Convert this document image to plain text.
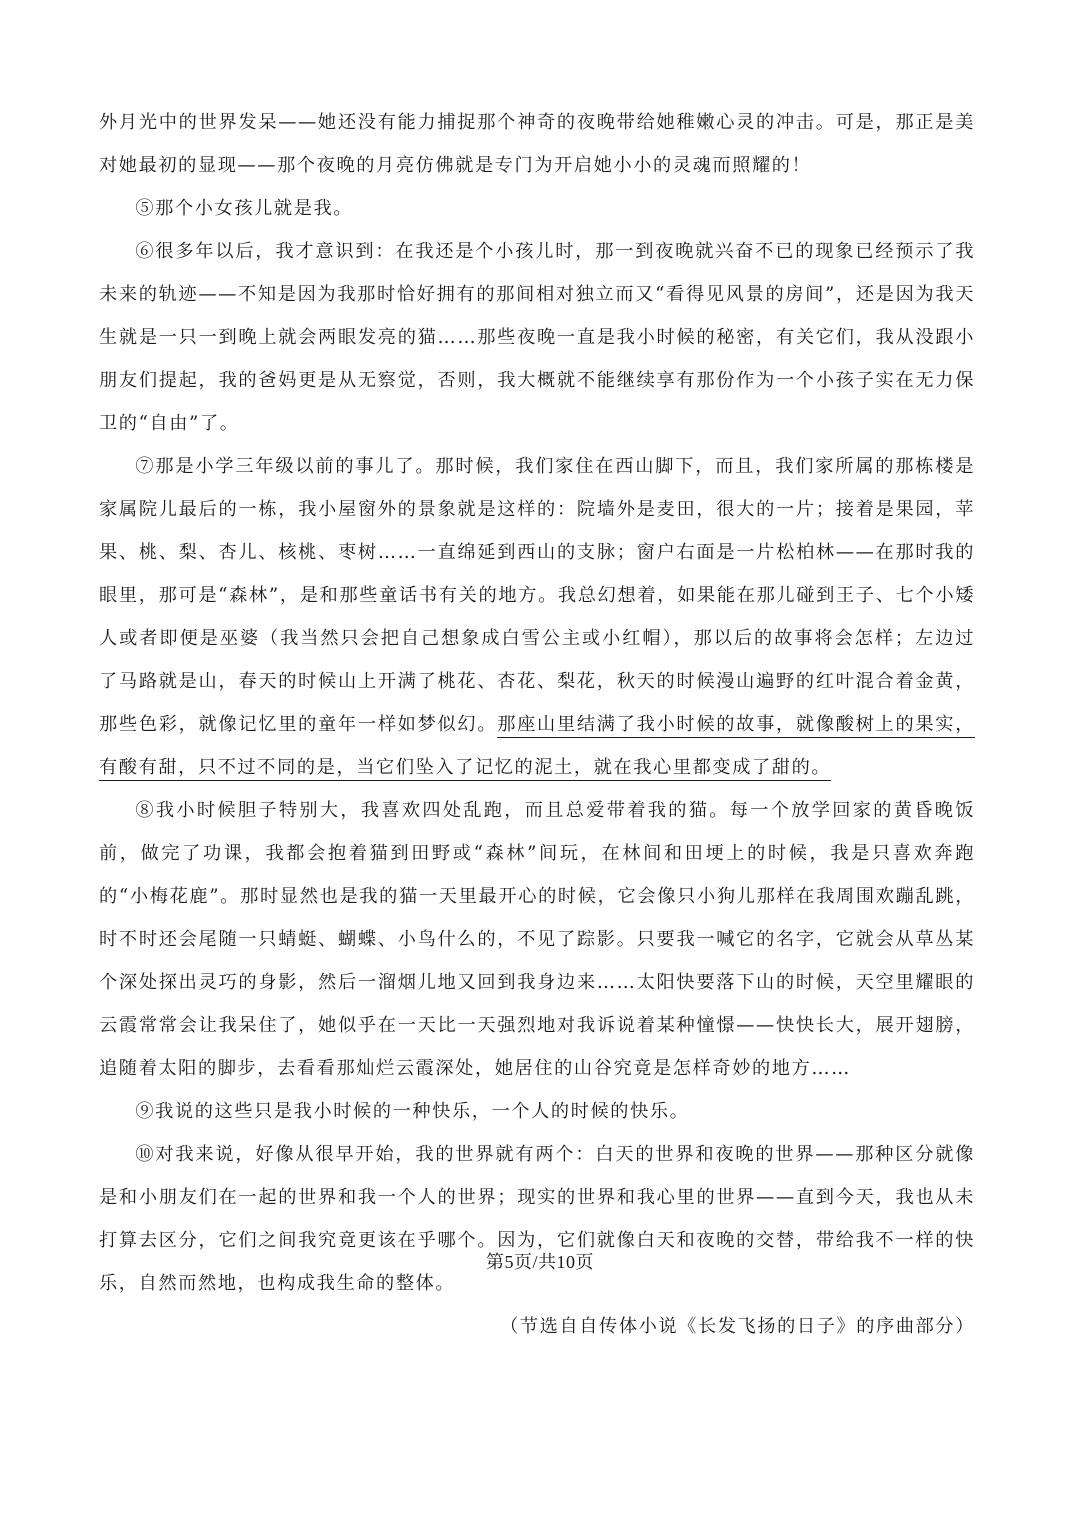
外月光中的世界发呆——她还没有能力捕捉那个神奇的夜晚带给她稚嫩心灵的冲击。可是，那正是美对她最初的显现——那个夜晚的月亮仿佛就是专门为开启她小小的灵魂而照耀的！

⑤那个小女孩儿就是我。

⑥很多年以后，我才意识到：在我还是个小孩儿时，那一到夜晚就兴奋不已的现象已经预示了我未来的轨迹——不知是因为我那时恰好拥有的那间相对独立而又“看得见风景的房间”，还是因为我天生就是一只一到晚上就会两眼发亮的猫……那些夜晚一直是我小时候的秘密，有关它们，我从没跟小朋友们提起，我的爸妈更是从无察觉，否则，我大概就不能继续享有那份作为一个小孩子实在无力保卫的“自由”了。

⑦那是小学三年级以前的事儿了。那时候，我们家住在西山脚下，而且，我们家所属的那栋楼是家属院儿最后的一栋，我小屋窗外的景象就是这样的：院墙外是麦田，很大的一片；接着是果园，苹果、桃、梨、杏儿、核桃、枣树……一直绵延到西山的支脉；窗户右面是一片松柏林——在那时我的眼里，那可是“森林”，是和那些童话书有关的地方。我总幻想着，如果能在那儿碰到王子、七个小矮人或者即便是巫婆（我当然只会把自己想象成白雪公主或小红帽），那以后的故事将会怎样；左边过了马路就是山，春天的时候山上开满了桃花、杏花、梨花，秋天的时候漫山遍野的红叶混合着金黄，那些色彩，就像记忆里的童年一样如梦似幻。那座山里结满了我小时候的故事，就像酸树上的果实，有酸有甜，只不过不同的是，当它们坠入了记忆的泥土，就在我心里都变成了甜的。

⑧我小时候胆子特别大，我喜欢四处乱跑，而且总爱带着我的猫。每一个放学回家的黄昏晚饭前，做完了功课，我都会抱着猫到田野或“森林”间玩，在林间和田埂上的时候，我是只喜欢奔跑的“小梅花鹿”。那时显然也是我的猫一天里最开心的时候，它会像只小狗儿那样在我周围欢蹦乱跳，时不时还会尾随一只蜻蜓、蝴蝶、小鸟什么的，不见了踪影。只要我一喊它的名字，它就会从草丛某个深处探出灵巧的身影，然后一溜烟儿地又回到我身边来……太阳快要落下山的时候，天空里耀眼的云霞常常会让我呆住了，她似乎在一天比一天强烈地对我诉说着某种憧憬——快快长大，展开翅膀，追随着太阳的脚步，去看看那灿烂云霞深处，她居住的山谷究竟是怎样奇妙的地方……

⑨我说的这些只是我小时候的一种快乐，一个人的时候的快乐。

⑩对我来说，好像从很早开始，我的世界就有两个：白天的世界和夜晚的世界——那种区分就像是和小朋友们在一起的世界和我一个人的世界；现实的世界和我心里的世界——直到今天，我也从未打算去区分，它们之间我究竟更该在乎哪个。因为，它们就像白天和夜晚的交替，带给我不一样的快乐，自然而然地，也构成我生命的整体。

（节选自自传体小说《长发飞扬的日子》的序曲部分）

第5页/共10页
